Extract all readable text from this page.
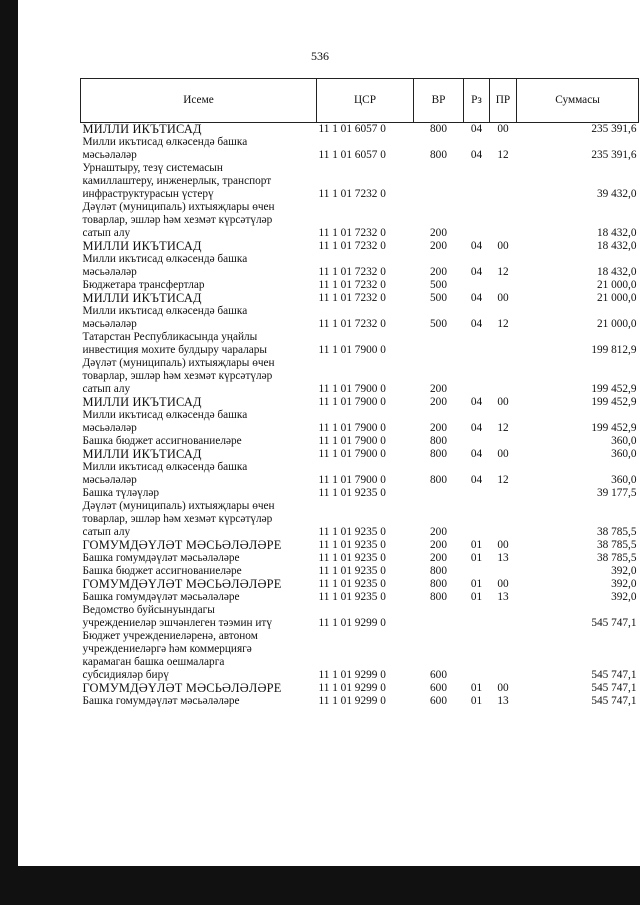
536
Исеме	ЦСР	ВР	Рз	ПР	Суммасы

МИЛЛИ ИКЪТИСАД	11 1 01 6057 0	800	04	00	235 391,6

Милли икътисад өлкәсендә башка
мәсьәләләр	11 1 01 6057 0	800	04	12	235 391,6

Урнаштыру, тезү системасын
камиллаштеру, инженерлык, транспорт
инфраструктурасын үстерү	11 1 01 7232 0				39 432,0

Дәүләт (муниципаль) ихтыяҗлары өчен
товарлар, эшләр һәм хезмәт күрсәтүләр
сатып алу	11 1 01 7232 0	200			18 432,0

МИЛЛИ ИКЪТИСАД	11 1 01 7232 0	200	04	00	18 432,0

Милли икътисад өлкәсендә башка
мәсьәләләр	11 1 01 7232 0	200	04	12	18 432,0

Бюджетара трансфертлар	11 1 01 7232 0	500			21 000,0

МИЛЛИ ИКЪТИСАД	11 1 01 7232 0	500	04	00	21 000,0

Милли икътисад өлкәсендә башка
мәсьәләләр	11 1 01 7232 0	500	04	12	21 000,0

Татарстан Республикасында уңайлы
инвестиция мохите булдыру чаралары	11 1 01 7900 0				199 812,9

Дәүләт (муниципаль) ихтыяҗлары өчен
товарлар, эшләр һәм хезмәт күрсәтүләр
сатып алу	11 1 01 7900 0	200			199 452,9

МИЛЛИ ИКЪТИСАД	11 1 01 7900 0	200	04	00	199 452,9

Милли икътисад өлкәсендә башка
мәсьәләләр	11 1 01 7900 0	200	04	12	199 452,9

Башка бюджет ассигнованиеләре	11 1 01 7900 0	800			360,0

МИЛЛИ ИКЪТИСАД	11 1 01 7900 0	800	04	00	360,0

Милли икътисад өлкәсендә башка
мәсьәләләр	11 1 01 7900 0	800	04	12	360,0

Башка түләүләр	11 1 01 9235 0				39 177,5

Дәүләт (муниципаль) ихтыяҗлары өчен
товарлар, эшләр һәм хезмәт күрсәтүләр
сатып алу	11 1 01 9235 0	200			38 785,5

ГОМУМДӘҮЛӘТ МӘСЬӘЛӘЛӘРЕ	11 1 01 9235 0	200	01	00	38 785,5

Башка гомумдәүләт мәсьәләләре	11 1 01 9235 0	200	01	13	38 785,5

Башка бюджет ассигнованиеләре	11 1 01 9235 0	800			392,0

ГОМУМДӘҮЛӘТ МӘСЬӘЛӘЛӘРЕ	11 1 01 9235 0	800	01	00	392,0

Башка гомумдәүләт мәсьәләләре	11 1 01 9235 0	800	01	13	392,0

Ведомство буйсынуындагы
учреждениеләр эшчәнлеген тәэмин итү	11 1 01 9299 0				545 747,1

Бюджет учреждениеләренә, автоном
учреждениеләргә һәм коммерциягә
карамаган башка оешмаларга
субсидияләр бирү	11 1 01 9299 0	600			545 747,1

ГОМУМДӘҮЛӘТ МӘСЬӘЛӘЛӘРЕ	11 1 01 9299 0	600	01	00	545 747,1

Башка гомумдәүләт мәсьәләләре	11 1 01 9299 0	600	01	13	545 747,1
